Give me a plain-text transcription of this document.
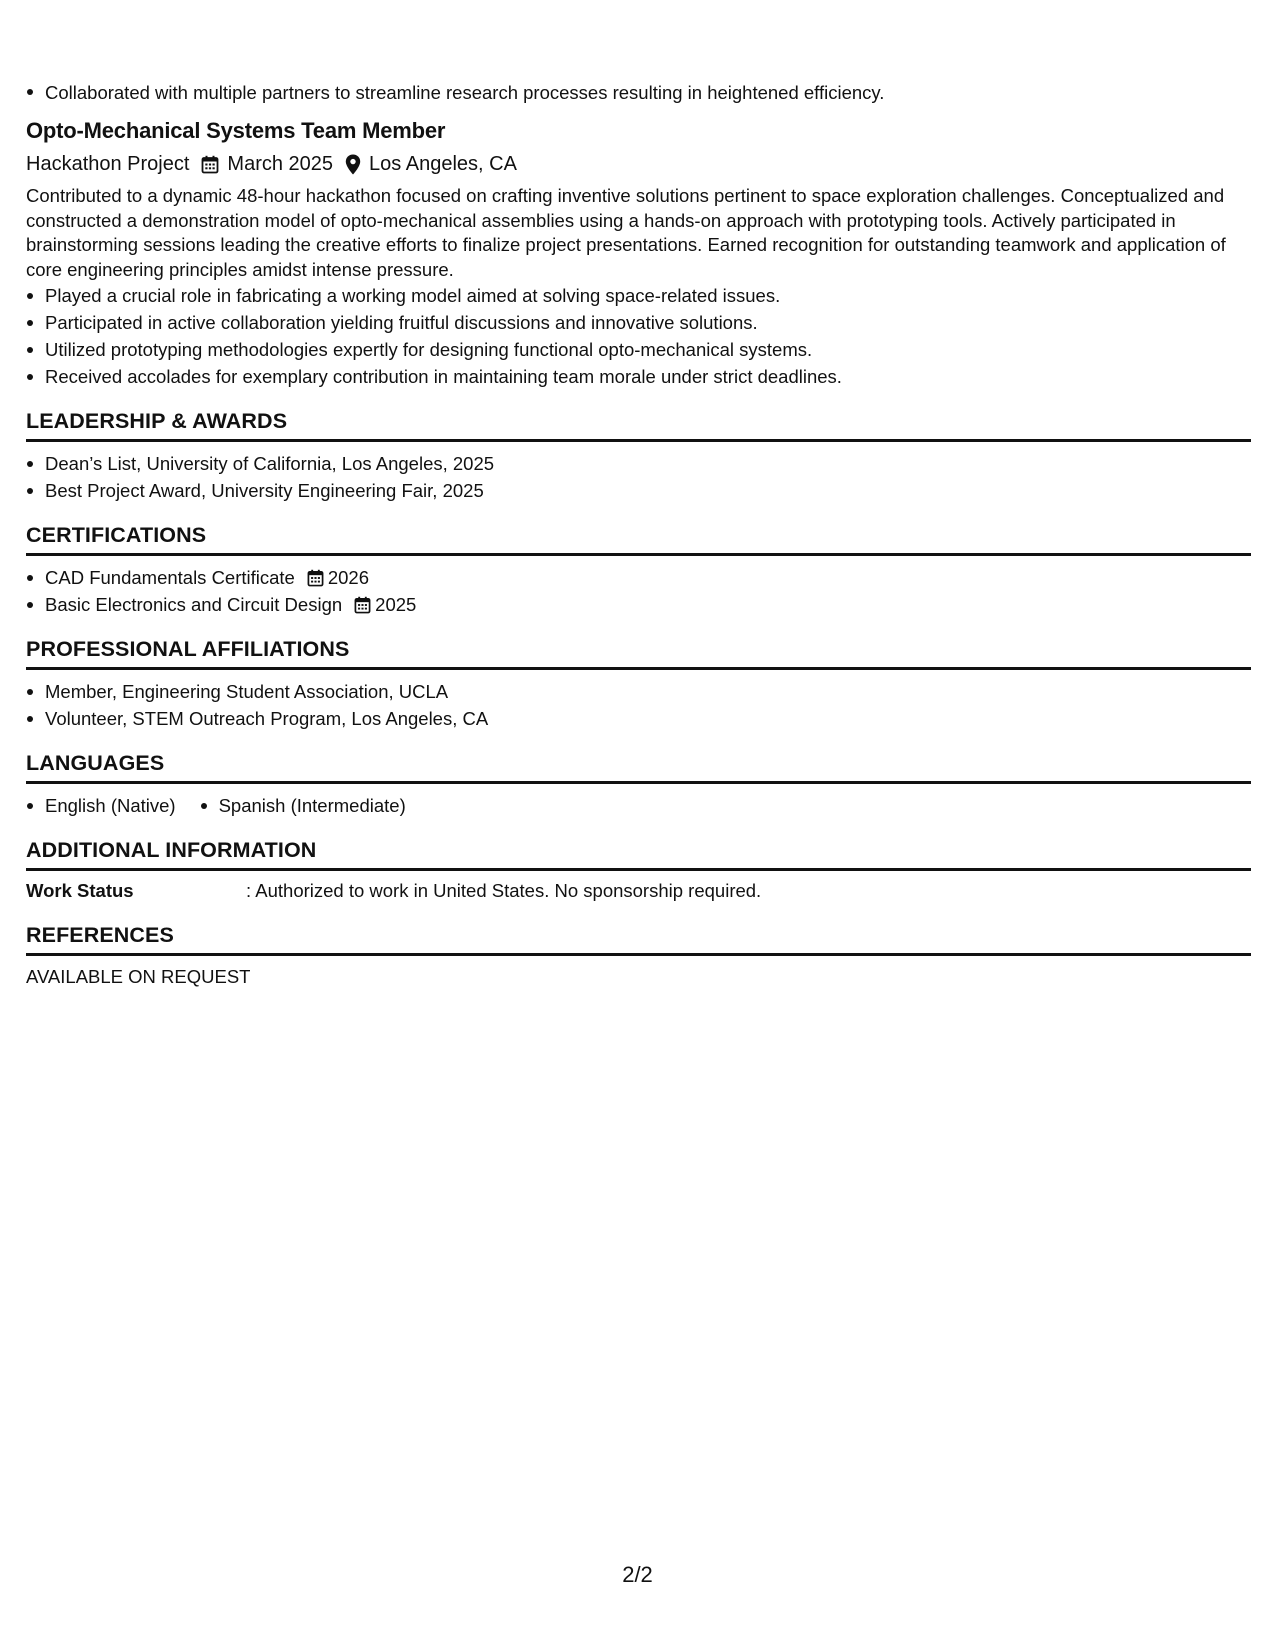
Collaborated with multiple partners to streamline research processes resulting in heightened efficiency.
Opto-Mechanical Systems Team Member
Hackathon Project March 2025 Los Angeles, CA
Contributed to a dynamic 48-hour hackathon focused on crafting inventive solutions pertinent to space exploration challenges. Conceptualized and constructed a demonstration model of opto-mechanical assemblies using a hands-on approach with prototyping tools. Actively participated in brainstorming sessions leading the creative efforts to finalize project presentations. Earned recognition for outstanding teamwork and application of core engineering principles amidst intense pressure.
Played a crucial role in fabricating a working model aimed at solving space-related issues.
Participated in active collaboration yielding fruitful discussions and innovative solutions.
Utilized prototyping methodologies expertly for designing functional opto-mechanical systems.
Received accolades for exemplary contribution in maintaining team morale under strict deadlines.
LEADERSHIP & AWARDS
Dean’s List, University of California, Los Angeles, 2025
Best Project Award, University Engineering Fair, 2025
CERTIFICATIONS
CAD Fundamentals Certificate 2026
Basic Electronics and Circuit Design 2025
PROFESSIONAL AFFILIATIONS
Member, Engineering Student Association, UCLA
Volunteer, STEM Outreach Program, Los Angeles, CA
LANGUAGES
English (Native)	Spanish (Intermediate)
ADDITIONAL INFORMATION
Work Status	: Authorized to work in United States. No sponsorship required.
REFERENCES
AVAILABLE ON REQUEST
2/2
